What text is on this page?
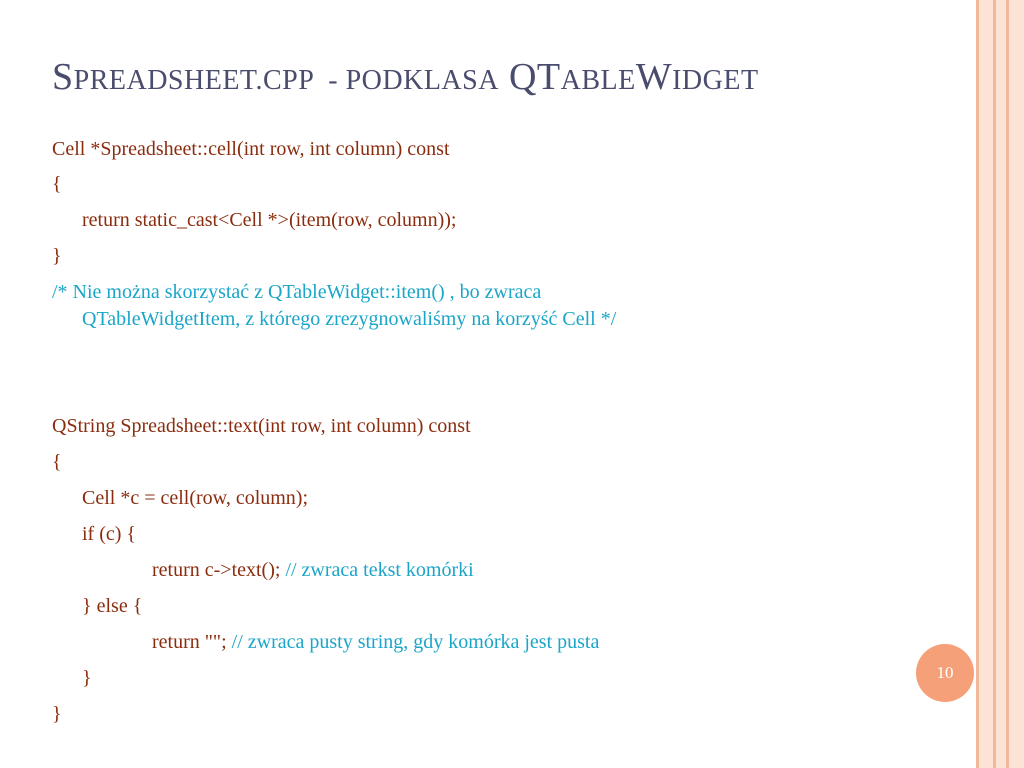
SPREADSHEET.CPP  - PODKLASA QTABLEWIDGET
Cell *Spreadsheet::cell(int row, int column) const
{
return static_cast<Cell *>(item(row, column));
}
/* Nie można skorzystać z QTableWidget::item() , bo zwraca
QTableWidgetItem, z którego zrezygnowaliśmy na korzyść Cell */
QString Spreadsheet::text(int row, int column) const
{
Cell *c = cell(row, column);
if (c) {
return c->text(); // zwraca tekst komórki
} else {
return ""; // zwraca pusty string, gdy komórka jest pusta
}
}
10
